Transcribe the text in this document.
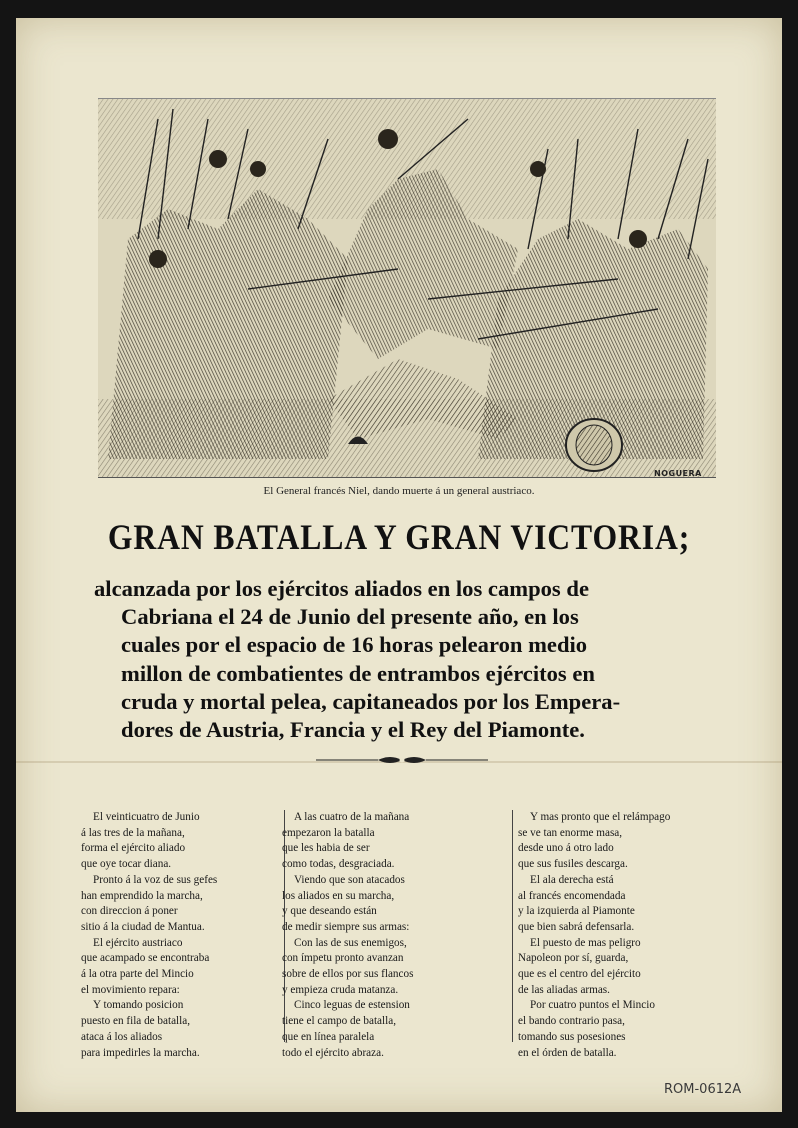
NOGUERA
El General francés Niel, dando muerte á un general austriaco.
GRAN BATALLA Y GRAN VICTORIA;
alcanzada por los ejércitos aliados en los campos de
Cabriana el 24 de Junio del presente año, en los
cuales por el espacio de 16 horas pelearon medio
millon de combatientes de entrambos ejércitos en
cruda y mortal pelea, capitaneados por los Empera-
dores de Austria, Francia y el Rey del Piamonte.
El veinticuatro de Junio
á las tres de la mañana,
forma el ejército aliado
que oye tocar diana.
Pronto á la voz de sus gefes
han emprendido la marcha,
con direccion á poner
sitio á la ciudad de Mantua.
El ejército austriaco
que acampado se encontraba
á la otra parte del Mincio
el movimiento repara:
Y tomando posicion
puesto en fila de batalla,
ataca á los aliados
para impedirles la marcha.
A las cuatro de la mañana
empezaron la batalla
que les habia de ser
como todas, desgraciada.
Viendo que son atacados
los aliados en su marcha,
y que deseando están
de medir siempre sus armas:
Con las de sus enemigos,
con ímpetu pronto avanzan
sobre de ellos por sus flancos
y empieza cruda matanza.
Cinco leguas de estension
tiene el campo de batalla,
que en línea paralela
todo el ejército abraza.
Y mas pronto que el relámpago
se ve tan enorme masa,
desde uno á otro lado
que sus fusiles descarga.
El ala derecha está
al francés encomendada
y la izquierda al Piamonte
que bien sabrá defensarla.
El puesto de mas peligro
Napoleon por sí, guarda,
que es el centro del ejército
de las aliadas armas.
Por cuatro puntos el Mincio
el bando contrario pasa,
tomando sus posesiones
en el órden de batalla.
ROM-0612A
